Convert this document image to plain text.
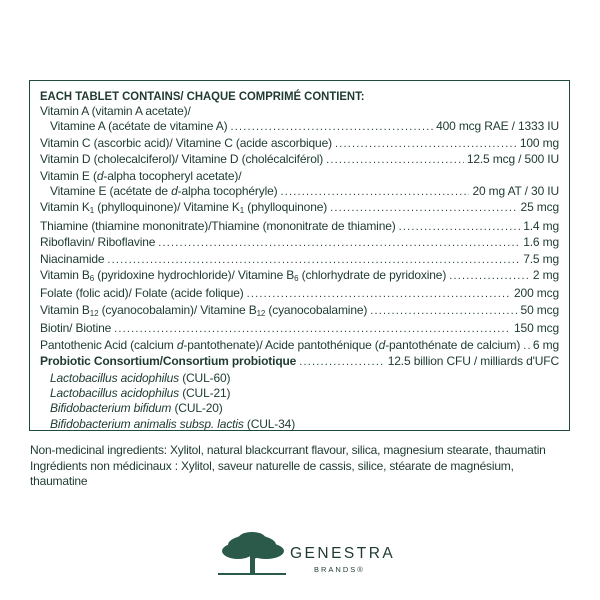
EACH TABLET CONTAINS/ CHAQUE COMPRIMÉ CONTIENT:

Vitamin A (vitamin A acetate)/
Vitamine A (acétate de vitamine A) .....	400 mcg RAE / 1333 IU
Vitamin C (ascorbic acid)/ Vitamine C (acide ascorbique) .....	100 mg
Vitamin D (cholecalciferol)/ Vitamine D (cholécalciférol) .....	12.5 mcg / 500 IU
Vitamin E (d-alpha tocopheryl acetate)/
Vitamine E (acétate de d-alpha tocophéryle) .....	20 mg AT / 30 IU
Vitamin $K_1$ (phylloquinone)/ Vitamine $K_1$ (phylloquinone) .....	25 mcg
Thiamine (thiamine mononitrate)/Thiamine (mononitrate de thiamine) .....	1.4 mg
Riboflavin/ Riboflavine .....	1.6 mg
Niacinamide .....	7.5 mg
Vitamin $B_6$ (pyridoxine hydrochloride)/ Vitamine $B_6$ (chlorhydrate de pyridoxine) .....	2 mg
Folate (folic acid)/ Folate (acide folique) .....	200 mcg
Vitamin $B_{12}$ (cyanocobalamin)/ Vitamine $B_{12}$ (cyanocobalamine) .....	50 mcg
Biotin/ Biotine .....	150 mcg
Pantothenic Acid (calcium d-pantothenate)/ Acide pantothénique (d-pantothénate de calcium) ..... 6 mg
Probiotic Consortium/Consortium probiotique .....	12.5 billion CFU / milliards d'UFC
Lactobacillus acidophilus (CUL-60)
Lactobacillus acidophilus (CUL-21)
Bifidobacterium bifidum (CUL-20)
Bifidobacterium animalis subsp. lactis (CUL-34)
Non-medicinal ingredients: Xylitol, natural blackcurrant flavour, silica, magnesium stearate, thaumatin
Ingrédients non médicinaux : Xylitol, saveur naturelle de cassis, silice, stéarate de magnésium,
thaumatine
GENESTRA
BRANDS®
